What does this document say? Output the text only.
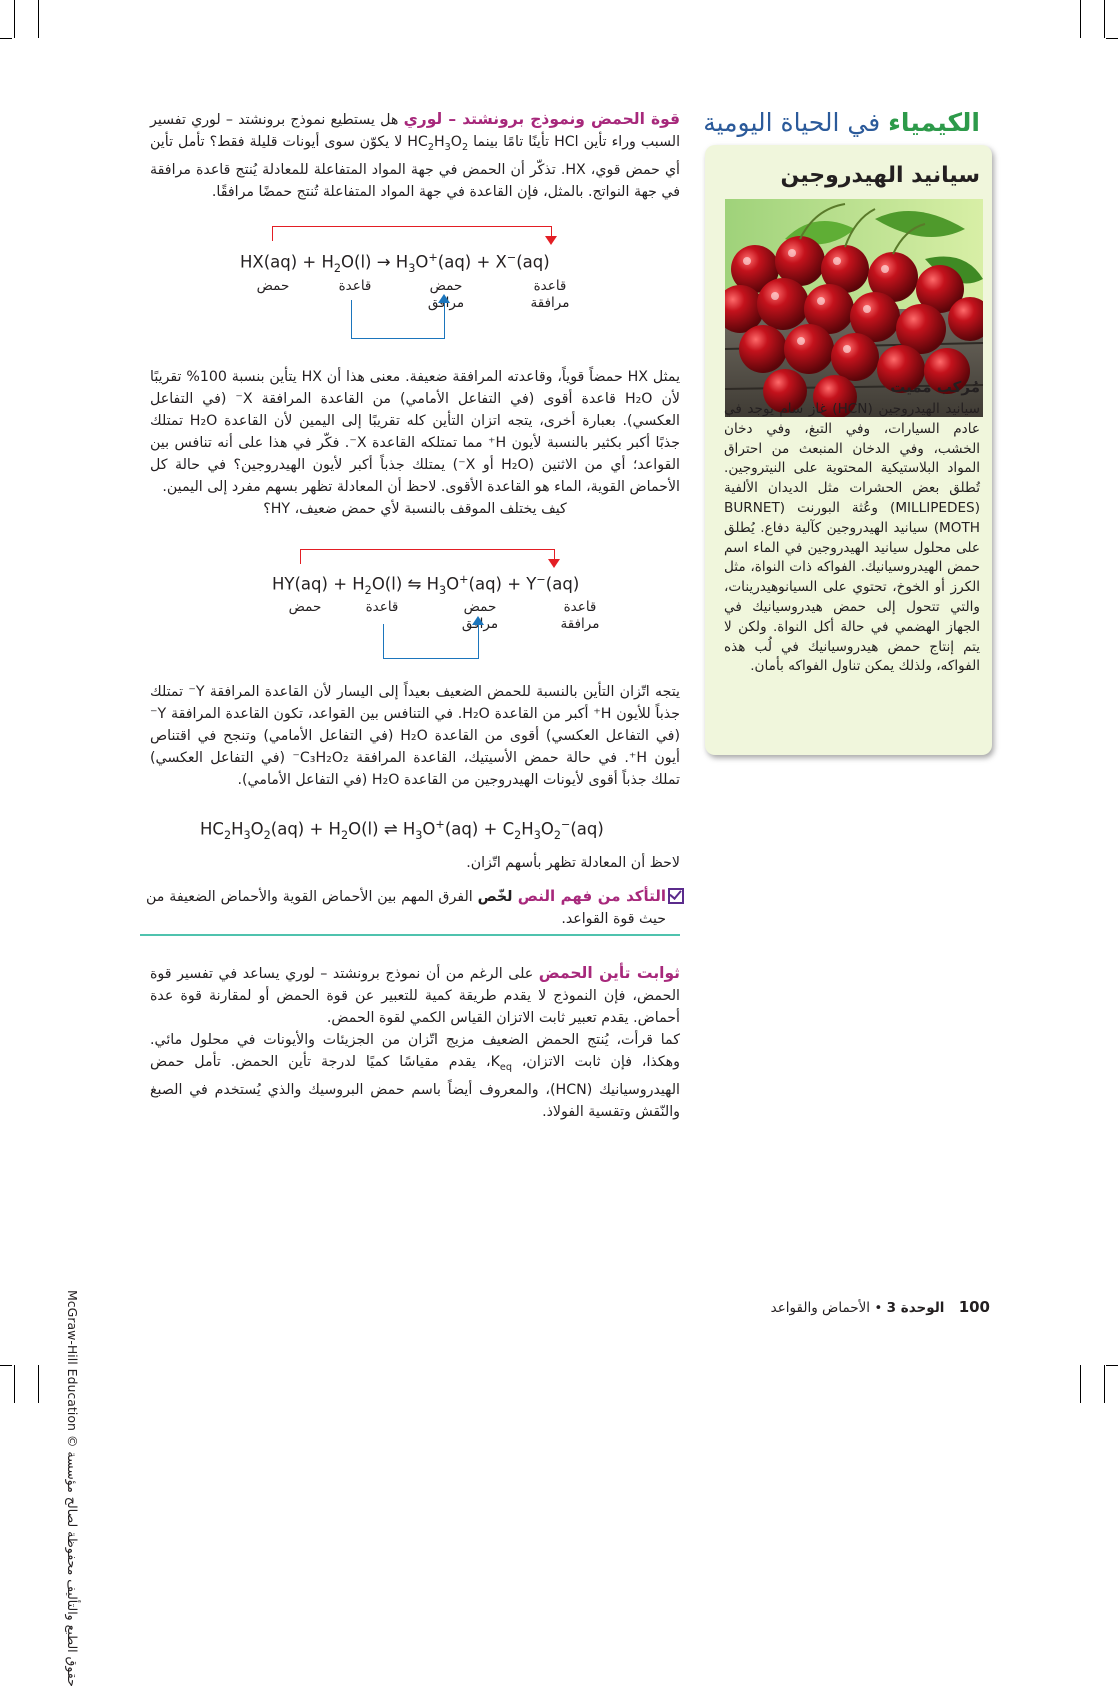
قوة الحمض ونموذج برونشتد – لوري هل يستطيع نموذج برونشتد – لوري تفسير السبب وراء تأين HCl تأينًا تامًا بينما $HC_2H_3O_2$ لا يكوّن سوى أيونات قليلة فقط؟ تأمل تأين أي حمض قوي، HX. تذكّر أن الحمض في جهة المواد المتفاعلة للمعادلة يُنتج قاعدة مرافقة في جهة النواتج. بالمثل، فإن القاعدة في جهة المواد المتفاعلة تُنتج حمضًا مرافقًا.

$HX(aq) + H_2O(l) \to H_3O^+(aq) + X^-(aq)$
حمض	قاعدة	حمض مرافق
قاعدة مرافقة
يمثل HX حمضاً قوياً، وقاعدته المرافقة ضعيفة. معنى هذا أن HX يتأين بنسبة 100% تقريبًا لأن H₂O قاعدة أقوى (في التفاعل الأمامي) من القاعدة المرافقة X⁻ (في التفاعل العكسي). بعبارة أخرى، يتجه اتزان التأين كله تقريبًا إلى اليمين لأن القاعدة H₂O تمتلك جذبًا أكبر بكثير بالنسبة لأيون H⁺ مما تمتلكه القاعدة X⁻. فكّر في هذا على أنه تنافس بين القواعد؛ أي من الاثنين (H₂O أو X⁻) يمتلك جذباً أكبر لأيون الهيدروجين؟ في حالة كل الأحماض القوية، الماء هو القاعدة الأقوى. لاحظ أن المعادلة تظهر بسهم مفرد إلى اليمين.
كيف يختلف الموقف بالنسبة لأي حمض ضعيف، HY؟
$HY(aq) + H_2O(l)$ ⇋ $H_3O^+(aq) + Y^-(aq)$
حمض	قاعدة	حمض مرافق
قاعدة مرافقة
يتجه اتّزان التأين بالنسبة للحمض الضعيف بعيداً إلى اليسار لأن القاعدة المرافقة Y⁻ تمتلك جذباً للأيون H⁺ أكبر من القاعدة H₂O. في التنافس بين القواعد، تكون القاعدة المرافقة Y⁻ (في التفاعل العكسي) أقوى من القاعدة H₂O (في التفاعل الأمامي) وتنجح في اقتناص أيون H⁺. في حالة حمض الأسيتيك، القاعدة المرافقة C₃H₂O₂⁻ (في التفاعل العكسي) تملك جذباً أقوى لأيونات الهيدروجين من القاعدة H₂O (في التفاعل الأمامي).
$HC_2H_3O_2(aq) + H_2O(l)$ ⇌ $H_3O^+(aq) + C_2H_3O_2^-(aq)$
لاحظ أن المعادلة تظهر بأسهم اتّزان.
التأكد من فهم النص لخّص الفرق المهم بين الأحماض القوية والأحماض الضعيفة من حيث قوة القواعد.
ثوابت تأين الحمض على الرغم من أن نموذج برونشتد – لوري يساعد في تفسير قوة الحمض، فإن النموذج لا يقدم طريقة كمية للتعبير عن قوة الحمض أو لمقارنة قوة عدة أحماض. يقدم تعبير ثابت الاتزان القياس الكمي لقوة الحمض.
كما قرأت، يُنتج الحمض الضعيف مزيج اتّزان من الجزيئات والأيونات في محلول مائي. وهكذا، فإن ثابت الاتزان، $K_{eq}،$ يقدم مقياسًا كميًا لدرجة تأين الحمض. تأمل حمض الهيدروسيانيك (HCN)، والمعروف أيضاً باسم حمض البروسيك والذي يُستخدم في الصبغ والنّقش وتقسية الفولاذ.
الكيمياء في الحياة اليومية
سيانيد الهيدروجين
مُركب مميت
سيانيد الهيدروجين (HCN) غاز سام يوجد في عادم السيارات، وفي التبغ، وفي دخان الخشب، وفي الدخان المنبعث من احتراق المواد البلاستيكية المحتوية على النيتروجين. تُطلق بعض الحشرات مثل الديدان الألفية (MILLIPEDES) وعُثة البورنت (BURNET MOTH) سيانيد الهيدروجين كآلية دفاع. يُطلق على محلول سيانيد الهيدروجين في الماء اسم حمض الهيدروسيانيك. الفواكه ذات النواة، مثل الكرز أو الخوخ، تحتوي على السيانوهيدرينات، والتي تتحول إلى حمض هيدروسيانيك في الجهاز الهضمي في حالة أكل النواة. ولكن لا يتم إنتاج حمض هيدروسيانيك في لُب هذه الفواكه، ولذلك يمكن تناول الفواكه بأمان.
McGraw-Hill Education © حقوق الطبع والتأليف محفوظة لصالح مؤسسة
100 الوحدة 3 • الأحماض والقواعد
